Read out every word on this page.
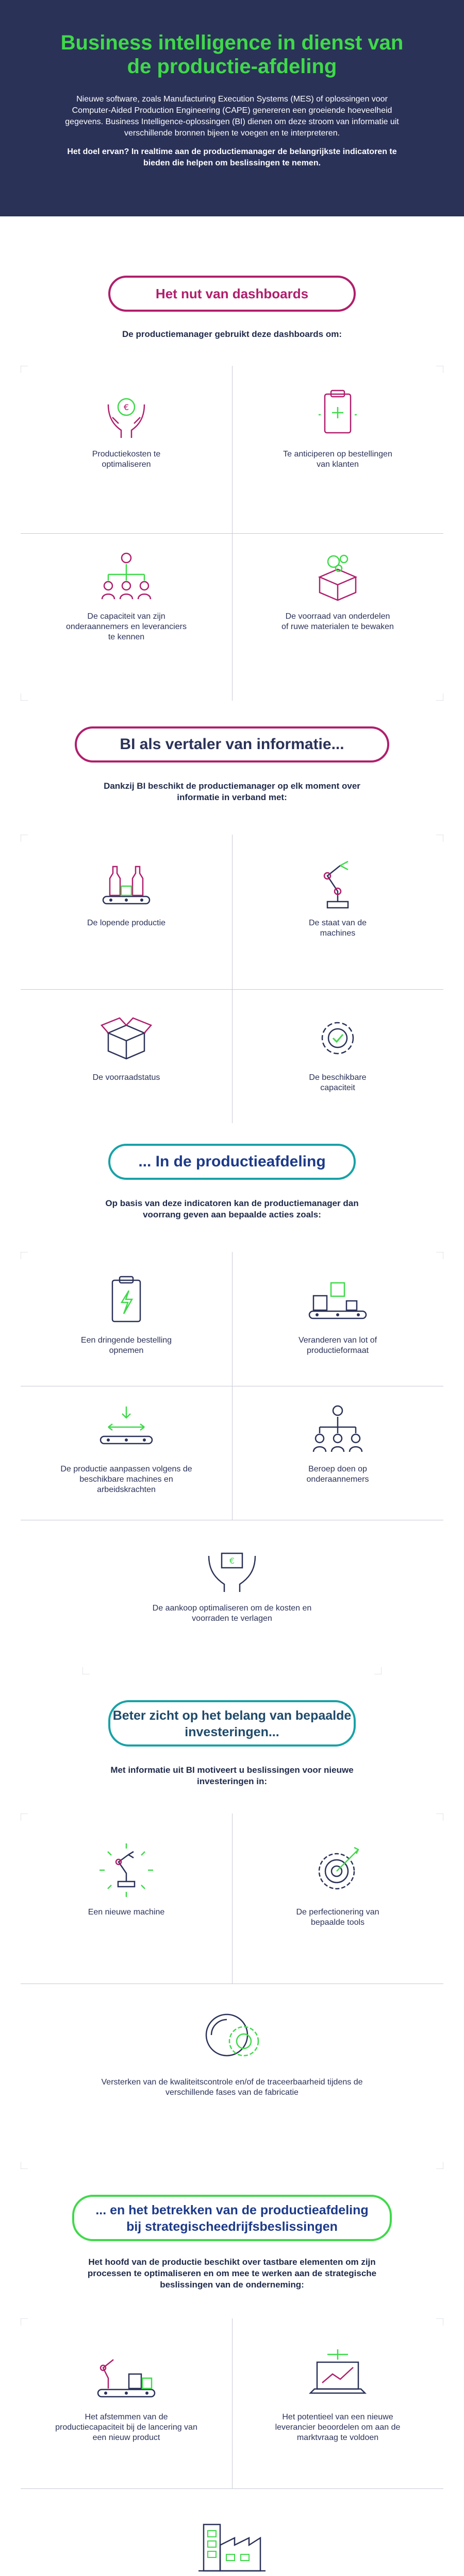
Business intelligence in dienst van de productie-afdeling

Nieuwe software, zoals Manufacturing Execution Systems (MES) of oplossingen voor Computer-Aided Production Engineering (CAPE) genereren een groeiende hoeveelheid gegevens. Business Intelligence-oplossingen (BI) dienen om deze stroom van informatie uit verschillende bronnen bijeen te voegen en te interpreteren.

Het doel ervan? In realtime aan de productiemanager de belangrijkste indicatoren te bieden die helpen om beslissingen te nemen.

Het nut van dashboards

De productiemanager gebruikt deze dashboards om:

€
Productiekosten te optimaliseren
Te anticiperen op bestellingen van klanten
De capaciteit van zijn onderaannemers en leveranciers te kennen
De voorraad van onderdelen of ruwe materialen te bewaken
BI als vertaler van informatie...

Dankzij BI beschikt de productiemanager op elk moment over informatie in verband met:

De lopende productie	De staat van de machines
De voorraadstatus	De beschikbare capaciteit
... In de productieafdeling

Op basis van deze indicatoren kan de productiemanager dan voorrang geven aan bepaalde acties zoals:

Een dringende bestelling opnemen
Veranderen van lot of productieformaat
De productie aanpassen volgens de beschikbare machines en arbeidskrachten
Beroep doen op onderaannemers
€
De aankoop optimaliseren om de kosten en voorraden te verlagen
Beter zicht op het belang van bepaalde investeringen...

Met informatie uit BI motiveert u beslissingen voor nieuwe investeringen in:

Een nieuwe machine	De perfectionering van bepaalde tools
Versterken van de kwaliteitscontrole en/of de traceerbaarheid tijdens de verschillende fases van de fabricatie
... en het betrekken van de productieafdeling bij strategischeedrijfsbeslissingen

Het hoofd van de productie beschikt over tastbare elementen om zijn processen te optimaliseren en om mee te werken aan de strategische beslissingen van de onderneming:

Het afstemmen van de productiecapaciteit bij de lancering van een nieuw product
Het potentieel van een nieuwe leverancier beoordelen om aan de marktvraag te voldoen
